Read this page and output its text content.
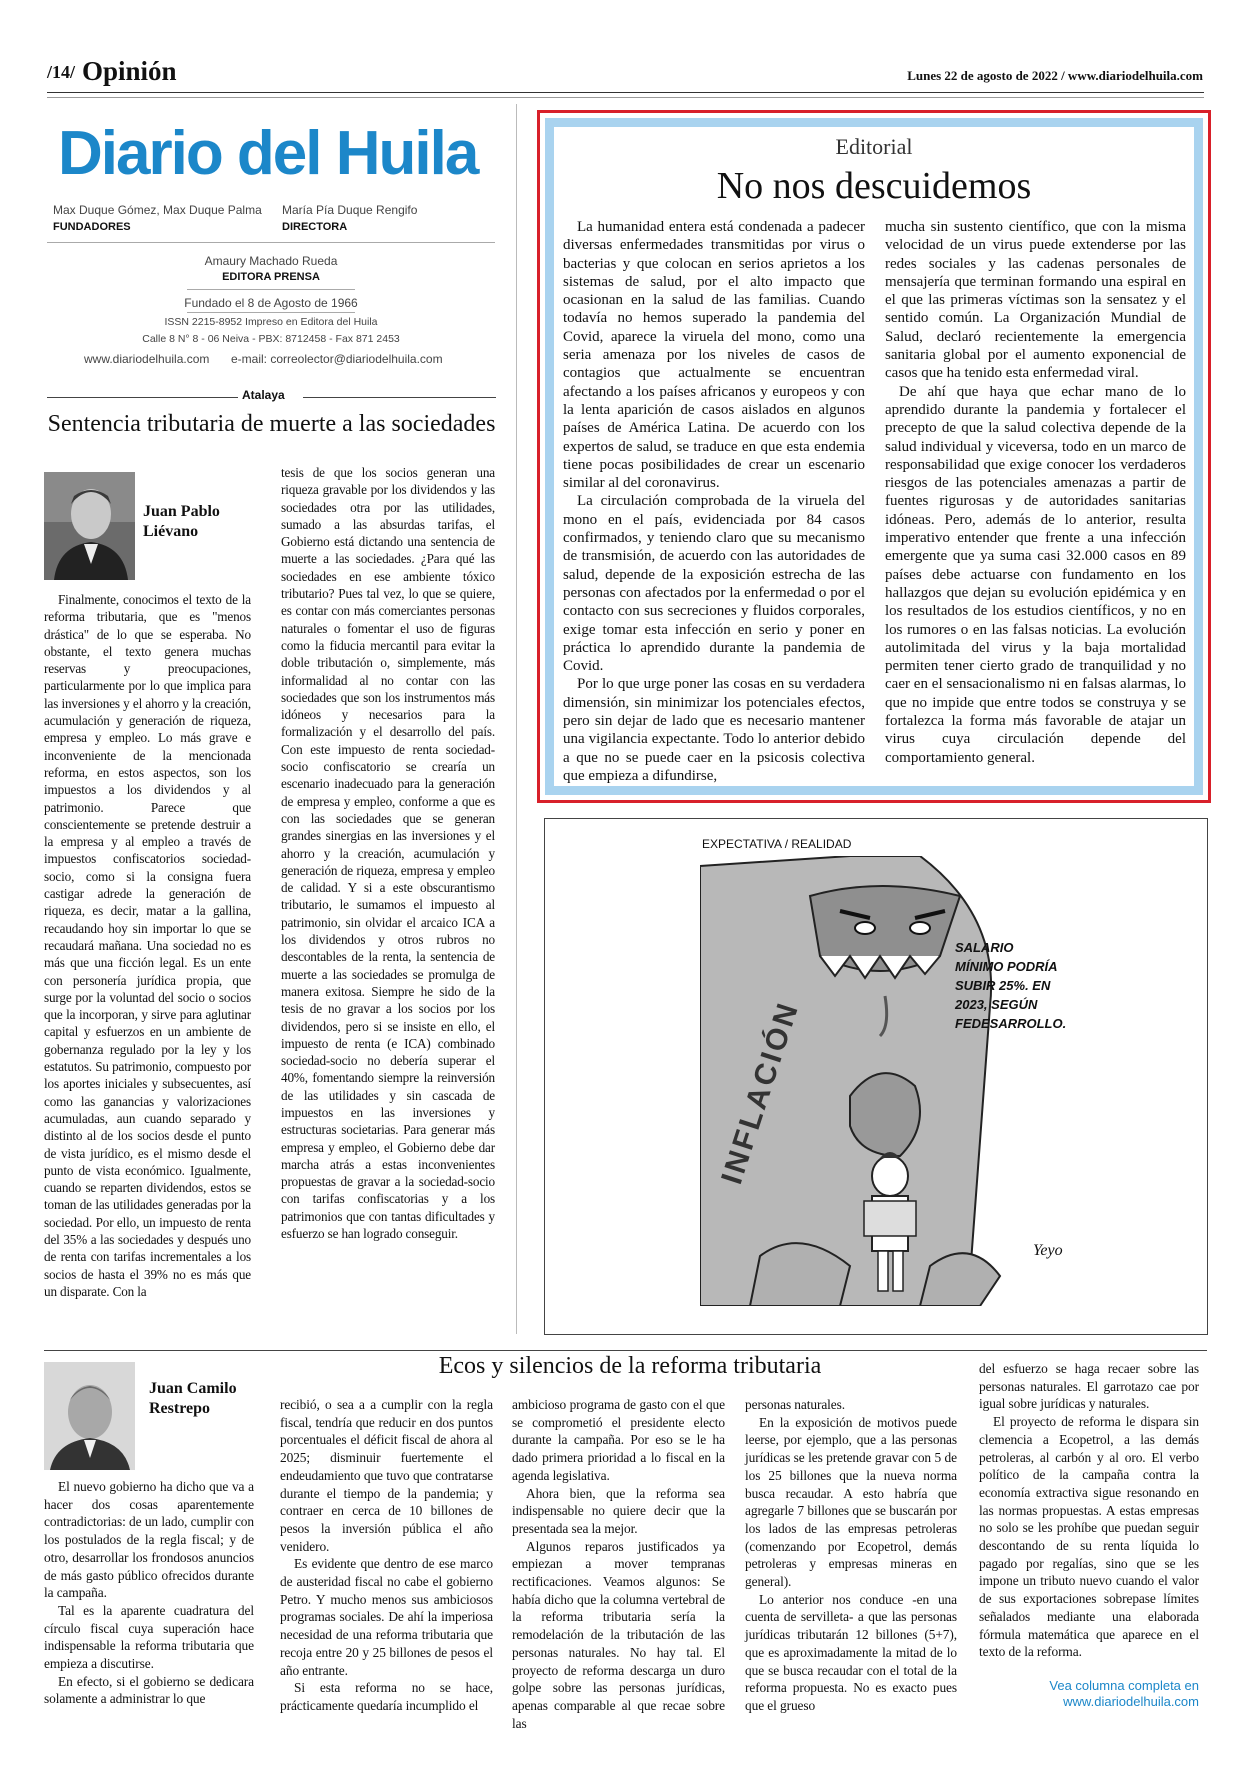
/14/ Opinión	Lunes 22 de agosto de 2022 / www.diariodelhuila.com
Diario del Huila
Max Duque Gómez, Max Duque Palma
FUNDADORES
María Pía Duque Rengifo
DIRECTORA
Amaury Machado Rueda
EDITORA PRENSA
Fundado el 8 de Agosto de 1966
ISSN 2215-8952 Impreso en Editora del Huila
Calle 8 N° 8 - 06 Neiva - PBX: 8712458 - Fax 871 2453
www.diariodelhuila.com e-mail: correolector@diariodelhuila.com
Atalaya
Sentencia tributaria de muerte a las sociedades
Juan Pablo Liévano

Finalmente, conocimos el texto de la reforma tributaria, que es "menos drástica" de lo que se esperaba. No obstante, el texto genera muchas reservas y preocupaciones, particularmente por lo que implica para las inversiones y el ahorro y la creación, acumulación y generación de riqueza, empresa y empleo. Lo más grave e inconveniente de la mencionada reforma, en estos aspectos, son los impuestos a los dividendos y al patrimonio. Parece que conscientemente se pretende destruir a la empresa y al empleo a través de impuestos confiscatorios sociedad-socio, como si la consigna fuera castigar adrede la generación de riqueza, es decir, matar a la gallina, recaudando hoy sin importar lo que se recaudará mañana. Una sociedad no es más que una ficción legal. Es un ente con personería jurídica propia, que surge por la voluntad del socio o socios que la incorporan, y sirve para aglutinar capital y esfuerzos en un ambiente de gobernanza regulado por la ley y los estatutos. Su patrimonio, compuesto por los aportes iniciales y subsecuentes, así como las ganancias y valorizaciones acumuladas, aun cuando separado y distinto al de los socios desde el punto de vista jurídico, es el mismo desde el punto de vista económico. Igualmente, cuando se reparten dividendos, estos se toman de las utilidades generadas por la sociedad. Por ello, un impuesto de renta del 35% a las sociedades y después uno de renta con tarifas incrementales a los socios de hasta el 39% no es más que un disparate. Con la

tesis de que los socios generan una riqueza gravable por los dividendos y las sociedades otra por las utilidades, sumado a las absurdas tarifas, el Gobierno está dictando una sentencia de muerte a las sociedades. ¿Para qué las sociedades en ese ambiente tóxico tributario? Pues tal vez, lo que se quiere, es contar con más comerciantes personas naturales o fomentar el uso de figuras como la fiducia mercantil para evitar la doble tributación o, simplemente, más informalidad al no contar con las sociedades que son los instrumentos más idóneos y necesarios para la formalización y el desarrollo del país. Con este impuesto de renta sociedad-socio confiscatorio se crearía un escenario inadecuado para la generación de empresa y empleo, conforme a que es con las sociedades que se generan grandes sinergias en las inversiones y el ahorro y la creación, acumulación y generación de riqueza, empresa y empleo de calidad. Y si a este obscurantismo tributario, le sumamos el impuesto al patrimonio, sin olvidar el arcaico ICA a los dividendos y otros rubros no descontables de la renta, la sentencia de muerte a las sociedades se promulga de manera exitosa. Siempre he sido de la tesis de no gravar a los socios por los dividendos, pero si se insiste en ello, el impuesto de renta (e ICA) combinado sociedad-socio no debería superar el 40%, fomentando siempre la reinversión de las utilidades y sin cascada de impuestos en las inversiones y estructuras societarias. Para generar más empresa y empleo, el Gobierno debe dar marcha atrás a estas inconvenientes propuestas de gravar a la sociedad-socio con tarifas confiscatorias y a los patrimonios que con tantas dificultades y esfuerzo se han logrado conseguir.

Editorial
No nos descuidemos

La humanidad entera está condenada a padecer diversas enfermedades transmitidas por virus o bacterias y que colocan en serios aprietos a los sistemas de salud, por el alto impacto que ocasionan en la salud de las familias. Cuando todavía no hemos superado la pandemia del Covid, aparece la viruela del mono, como una seria amenaza por los niveles de casos de contagios que actualmente se encuentran afectando a los países africanos y europeos y con la lenta aparición de casos aislados en algunos países de América Latina. De acuerdo con los expertos de salud, se traduce en que esta endemia tiene pocas posibilidades de crear un escenario similar al del coronavirus.

La circulación comprobada de la viruela del mono en el país, evidenciada por 84 casos confirmados, y teniendo claro que su mecanismo de transmisión, de acuerdo con las autoridades de salud, depende de la exposición estrecha de las personas con afectados por la enfermedad o por el contacto con sus secreciones y fluidos corporales, exige tomar esta infección en serio y poner en práctica lo aprendido durante la pandemia de Covid.

Por lo que urge poner las cosas en su verdadera dimensión, sin minimizar los potenciales efectos, pero sin dejar de lado que es necesario mantener una vigilancia expectante. Todo lo anterior debido a que no se puede caer en la psicosis colectiva que empieza a difundirse,

mucha sin sustento científico, que con la misma velocidad de un virus puede extenderse por las redes sociales y las cadenas personales de mensajería que terminan formando una espiral en el que las primeras víctimas son la sensatez y el sentido común. La Organización Mundial de Salud, declaró recientemente la emergencia sanitaria global por el aumento exponencial de casos que ha tenido esta enfermedad viral.

De ahí que haya que echar mano de lo aprendido durante la pandemia y fortalecer el precepto de que la salud colectiva depende de la salud individual y viceversa, todo en un marco de responsabilidad que exige conocer los verdaderos riesgos de las potenciales amenazas a partir de fuentes rigurosas y de autoridades sanitarias idóneas. Pero, además de lo anterior, resulta imperativo entender que frente a una infección emergente que ya suma casi 32.000 casos en 89 países debe actuarse con fundamento en los hallazgos que dejan su evolución epidémica y en los resultados de los estudios científicos, y no en los rumores o en las falsas noticias. La evolución autolimitada del virus y la baja mortalidad permiten tener cierto grado de tranquilidad y no caer en el sensacionalismo ni en falsas alarmas, lo que no impide que entre todos se construya y se fortalezca la forma más favorable de atajar un virus cuya circulación depende del comportamiento general.

EXPECTATIVA / REALIDAD
INFLACIÓN
SALARIO
MÍNIMO PODRÍA
SUBIR 25%. EN
2023, SEGÚN
FEDESARROLLO.
Yeyo
Juan Camilo Restrepo
Ecos y silencios de la reforma tributaria

El nuevo gobierno ha dicho que va a hacer dos cosas aparentemente contradictorias: de un lado, cumplir con los postulados de la regla fiscal; y de otro, desarrollar los frondosos anuncios de más gasto público ofrecidos durante la campaña.

Tal es la aparente cuadratura del círculo fiscal cuya superación hace indispensable la reforma tributaria que empieza a discutirse.

En efecto, si el gobierno se dedicara solamente a administrar lo que

recibió, o sea a a cumplir con la regla fiscal, tendría que reducir en dos puntos porcentuales el déficit fiscal de ahora al 2025; disminuir fuertemente el endeudamiento que tuvo que contratarse durante el tiempo de la pandemia; y contraer en cerca de 10 billones de pesos la inversión pública el año venidero.

Es evidente que dentro de ese marco de austeridad fiscal no cabe el gobierno Petro. Y mucho menos sus ambiciosos programas sociales. De ahí la imperiosa necesidad de una reforma tributaria que recoja entre 20 y 25 billones de pesos el año entrante.

Si esta reforma no se hace, prácticamente quedaría incumplido el

ambicioso programa de gasto con el que se comprometió el presidente electo durante la campaña. Por eso se le ha dado primera prioridad a lo fiscal en la agenda legislativa.

Ahora bien, que la reforma sea indispensable no quiere decir que la presentada sea la mejor.

Algunos reparos justificados ya empiezan a mover tempranas rectificaciones. Veamos algunos: Se había dicho que la columna vertebral de la reforma tributaria sería la remodelación de la tributación de las personas naturales. No hay tal. El proyecto de reforma descarga un duro golpe sobre las personas jurídicas, apenas comparable al que recae sobre las

personas naturales.

En la exposición de motivos puede leerse, por ejemplo, que a las personas jurídicas se les pretende gravar con 5 de los 25 billones que la nueva norma busca recaudar. A esto habría que agregarle 7 billones que se buscarán por los lados de las empresas petroleras (comenzando por Ecopetrol, demás petroleras y empresas mineras en general).

Lo anterior nos conduce -en una cuenta de servilleta- a que las personas jurídicas tributarán 12 billones (5+7), que es aproximadamente la mitad de lo que se busca recaudar con el total de la reforma propuesta. No es exacto pues que el grueso

del esfuerzo se haga recaer sobre las personas naturales. El garrotazo cae por igual sobre jurídicas y naturales.

El proyecto de reforma le dispara sin clemencia a Ecopetrol, a las demás petroleras, al carbón y al oro. El verbo político de la campaña contra la economía extractiva sigue resonando en las normas propuestas. A estas empresas no solo se les prohíbe que puedan seguir descontando de su renta líquida lo pagado por regalías, sino que se les impone un tributo nuevo cuando el valor de sus exportaciones sobrepase límites señalados mediante una elaborada fórmula matemática que aparece en el texto de la reforma.

Vea columna completa en
www.diariodelhuila.com
